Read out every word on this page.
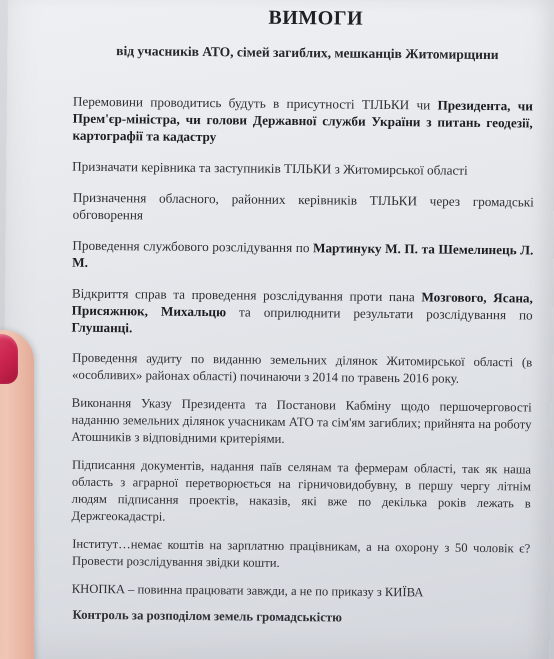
ВИМОГИ

від учасників АТО, сімей загиблих, мешканців Житомирщини

Перемовини проводитись будуть в присутності ТІЛЬКИ чи Президента, чи Прем'єр-міністра, чи голови Державної служби України з питань геодезії, картографії та кадастру

Призначати керівника та заступників ТІЛЬКИ з Житомирської області

Призначення обласного, районних керівників ТІЛЬКИ через громадські обговорення

Проведення службового розслідування по Мартинуку М. П. та Шемелинець Л. М.

Відкриття справ та проведення розслідування проти пана Мозгового, Ясана, Присяжнюк, Михальцю та оприлюднити результати розслідування по Глушанці.

Проведення аудиту по виданню земельних ділянок Житомирської області (в «особливих» районах області) починаючи з 2014 по травень 2016 року.

Виконання Указу Президента та Постанови Кабміну щодо першочерговості наданню земельних ділянок учасникам АТО та сім'ям загиблих; прийнята на роботу Атошників з відповідними критеріями.

Підписання документів, надання паїв селянам та фермерам області, так як наша область з аграрної перетворюється на гірничовидобувну, в першу чергу літнім людям підписання проектів, наказів, які вже по декілька років лежать в Держгеокадастрі.

Інститут…немає коштів на зарплатню працівникам, а на охорону з 50 чоловік є? Провести розслідування звідки кошти.

КНОПКА – повинна працювати завжди, а не по приказу з КИЇВА

Контроль за розподілом земель громадськістю
